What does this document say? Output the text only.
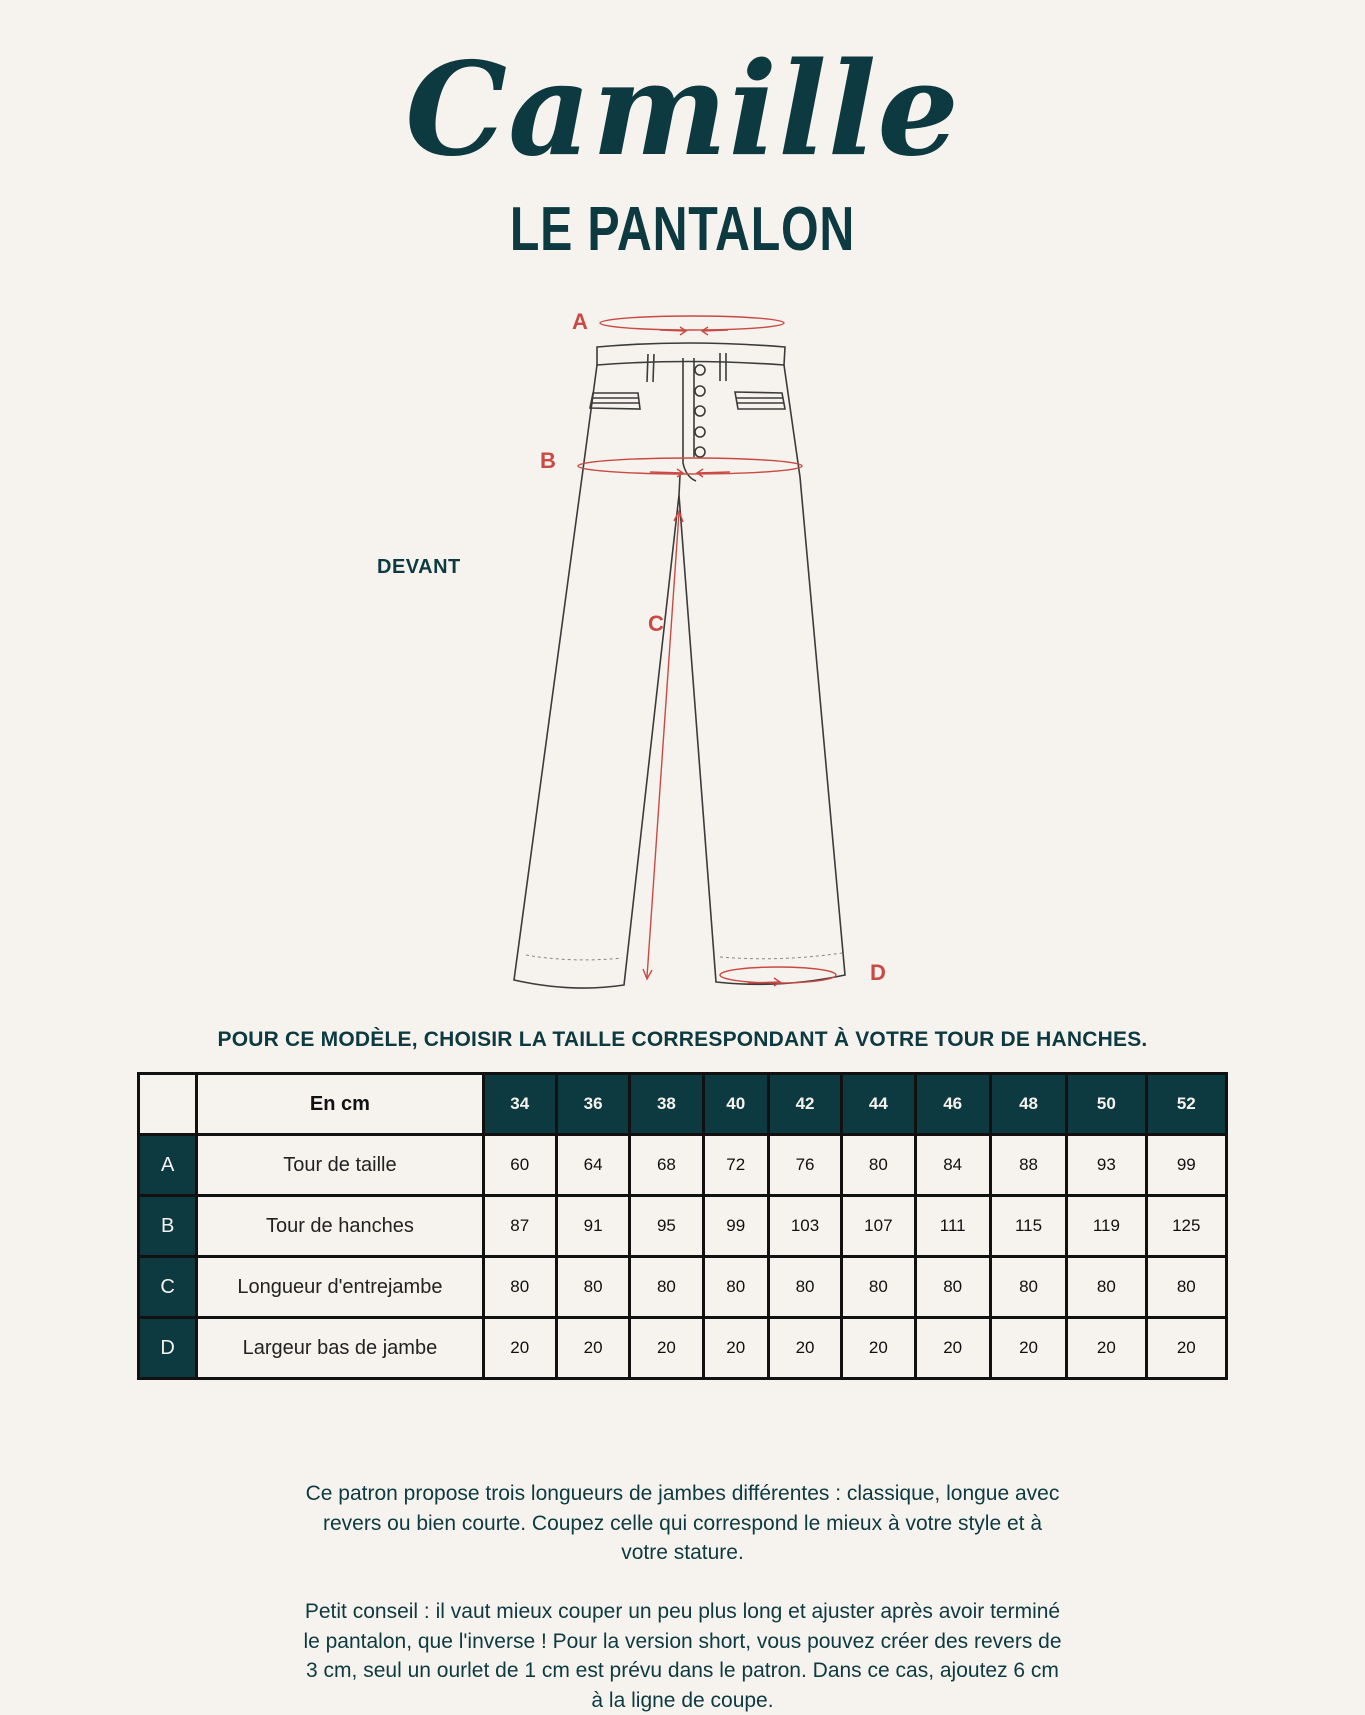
Camille
LE PANTALON
DEVANT
A
B
C
D
POUR CE MODÈLE, CHOISIR LA TAILLE CORRESPONDANT À VOTRE TOUR DE HANCHES.
	En cm	34	36	38	40	42	44	46	48	50	52
A	Tour de taille	60	64	68	72	76	80	84	88	93	99
B	Tour de hanches	87	91	95	99	103	107	111	115	119	125
C	Longueur d'entrejambe	80	80	80	80	80	80	80	80	80	80
D	Largeur bas de jambe	20	20	20	20	20	20	20	20	20	20

Ce patron propose trois longueurs de jambes différentes : classique, longue avec revers ou bien courte. Coupez celle qui correspond le mieux à votre style et à votre stature.

Petit conseil : il vaut mieux couper un peu plus long et ajuster après avoir terminé le pantalon, que l'inverse ! Pour la version short, vous pouvez créer des revers de 3 cm, seul un ourlet de 1 cm est prévu dans le patron. Dans ce cas, ajoutez 6 cm à la ligne de coupe.
